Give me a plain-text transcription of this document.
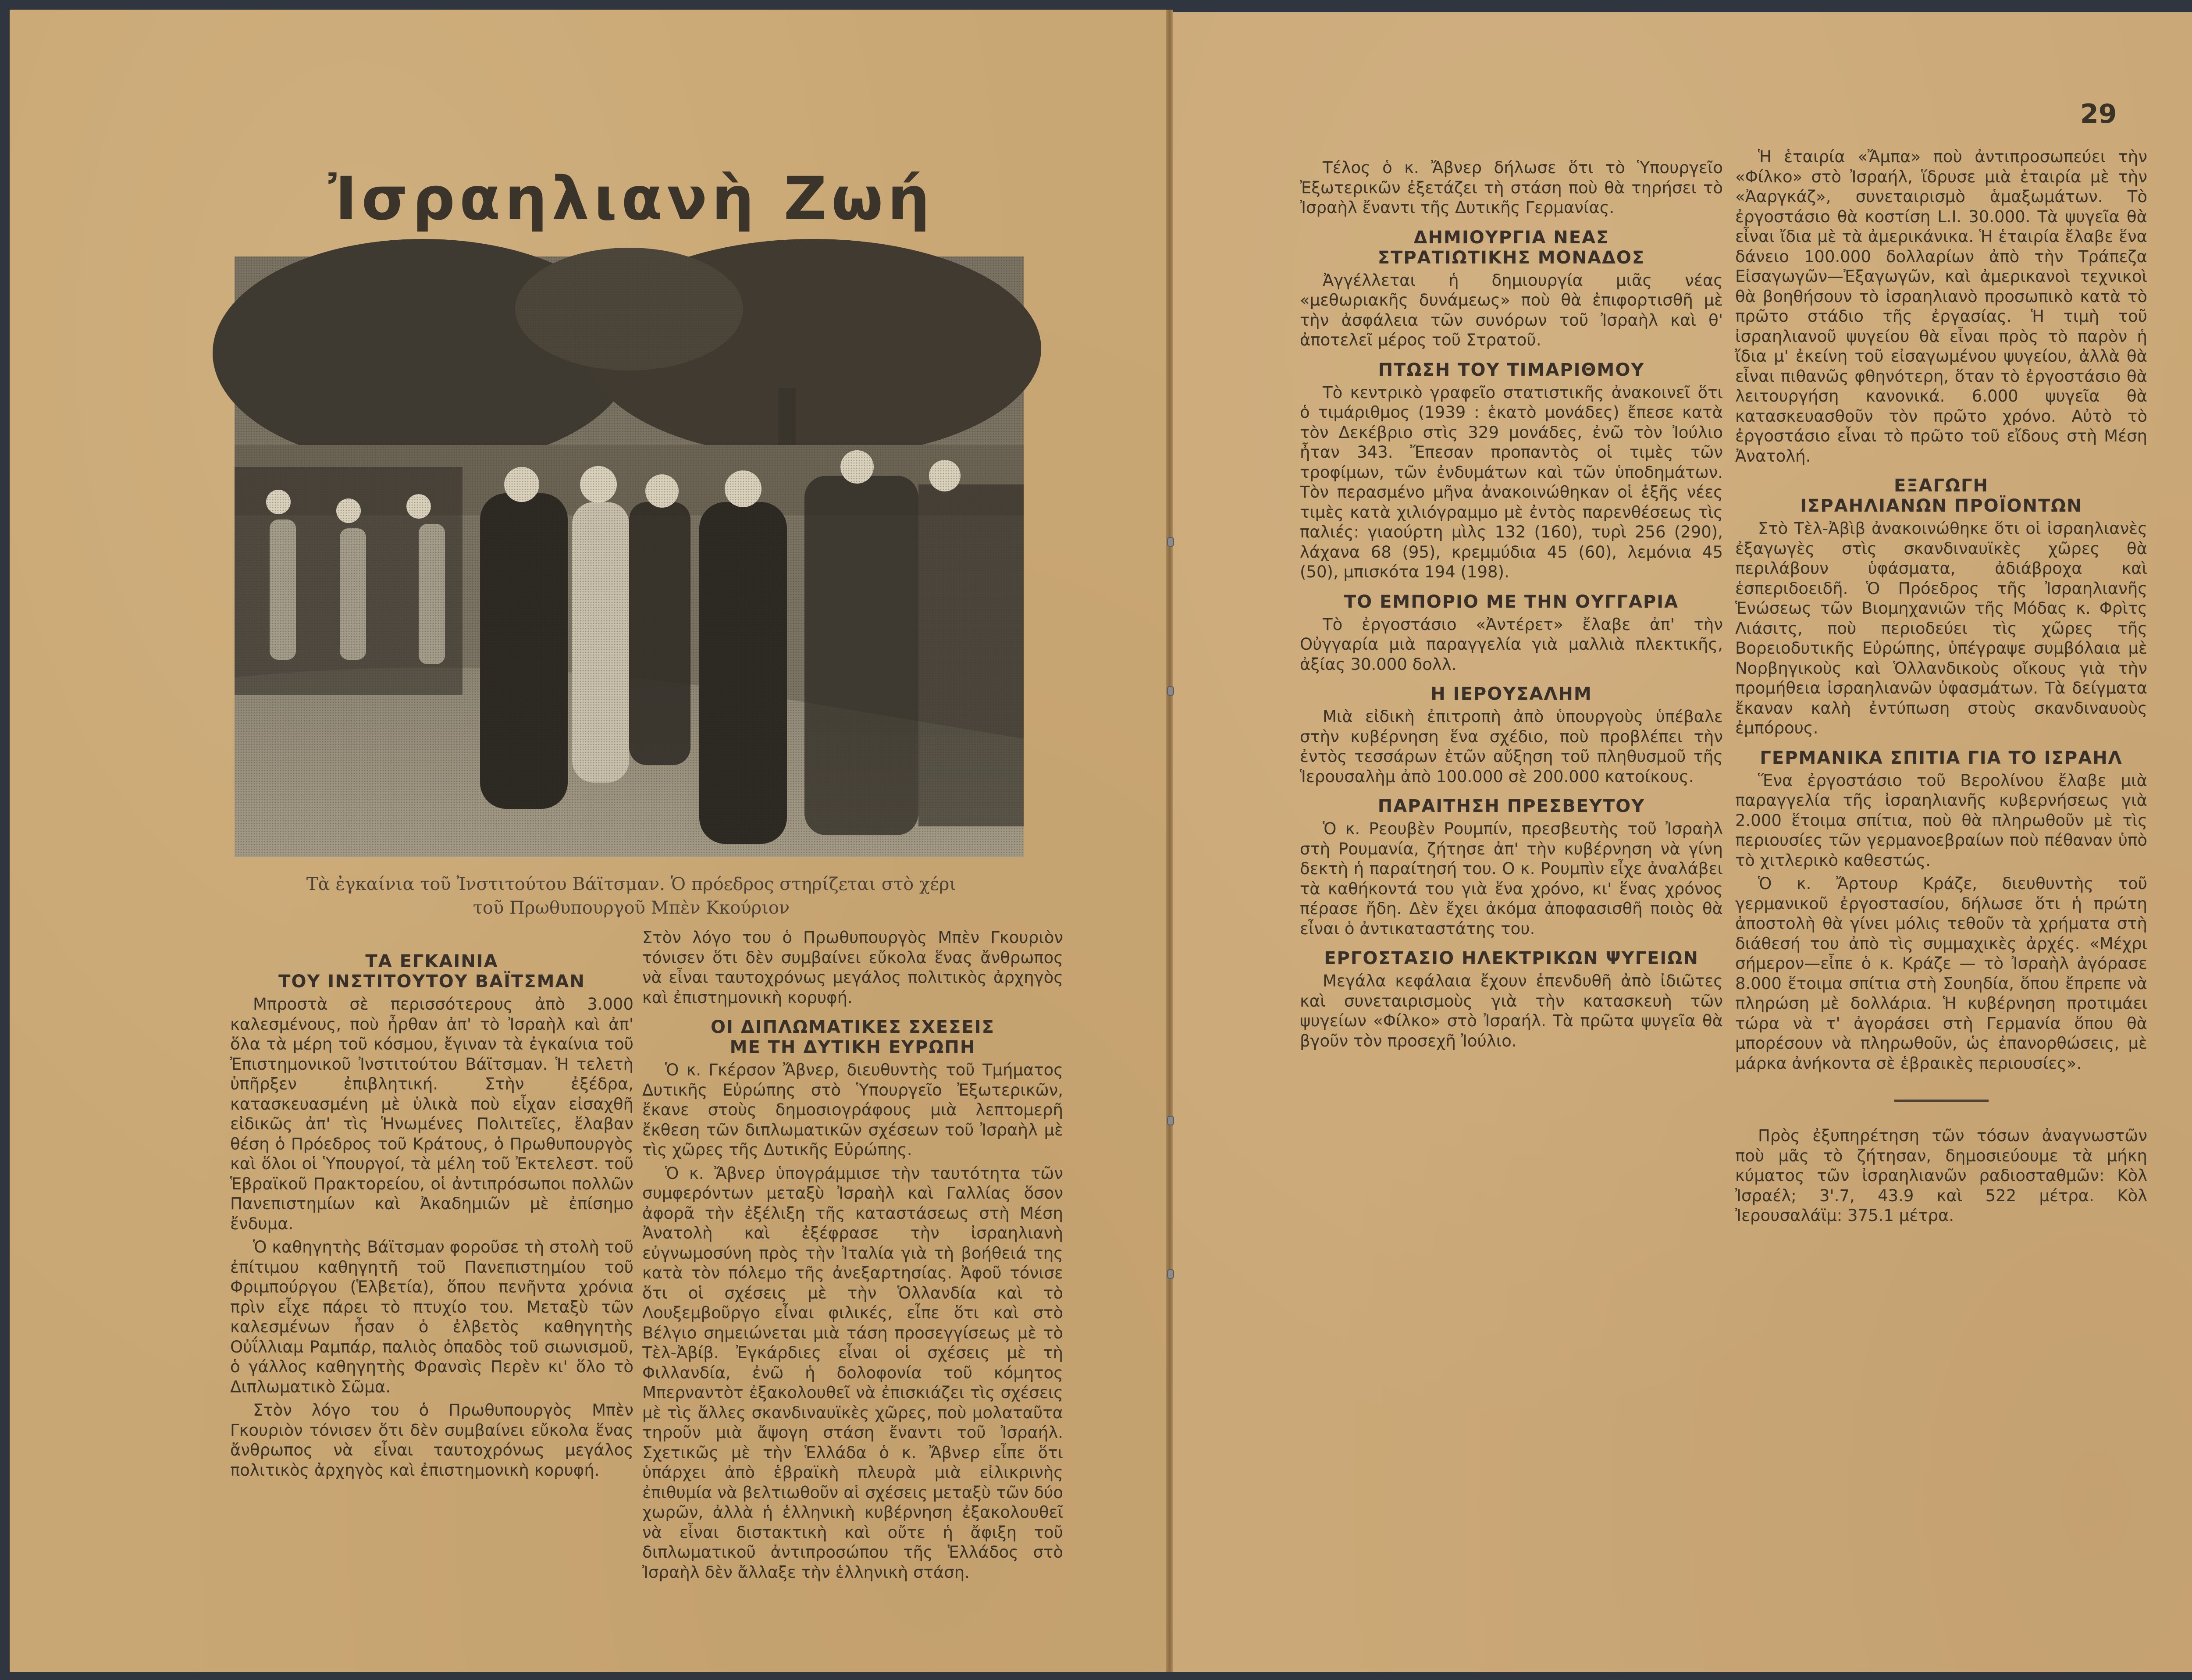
Ἰσραηλιανὴ Ζωή
Τὰ ἐγκαίνια τοῦ Ἰνστιτούτου Βάϊτσμαν. Ὁ πρόεδρος στηρίζεται στὸ χέρι
τοῦ Πρωθυπουργοῦ Μπὲν Κκούριον
ΤΑ ΕΓΚΑΙΝΙΑ
ΤΟΥ ΙΝΣΤΙΤΟΥΤΟΥ ΒΑΪΤΣΜΑΝ

Μπροστὰ σὲ περισσότερους ἀπὸ 3.000 καλεσμένους, ποὺ ἦρθαν ἀπ' τὸ Ἰσραὴλ καὶ ἀπ' ὅλα τὰ μέρη τοῦ κόσμου, ἔγιναν τὰ ἐγκαίνια τοῦ Ἐπιστημονικοῦ Ἰνστιτούτου Βάϊτσμαν. Ἡ τελετὴ ὑπῆρξεν ἐπιβλητική. Στὴν ἐξέδρα, κατασκευασμένη μὲ ὑλικὰ ποὺ εἶχαν εἰσαχθῆ εἰδικῶς ἀπ' τὶς Ἡνωμένες Πολιτεῖες, ἔλαβαν θέση ὁ Πρόεδρος τοῦ Κράτους, ὁ Πρωθυπουργὸς καὶ ὅλοι οἱ Ὑπουργοί, τὰ μέλη τοῦ Ἐκτελεστ. τοῦ Ἑβραϊκοῦ Πρακτορείου, οἱ ἀντιπρόσωποι πολλῶν Πανεπιστημίων καὶ Ἀκαδημιῶν μὲ ἐπίσημο ἔνδυμα.

Ὁ καθηγητὴς Βάϊτσμαν φοροῦσε τὴ στολὴ τοῦ ἐπίτιμου καθηγητῆ τοῦ Πανεπιστημίου τοῦ Φριμπούργου (Ἑλβετία), ὅπου πενῆντα χρόνια πρὶν εἶχε πάρει τὸ πτυχίο του. Μεταξὺ τῶν καλεσμένων ἦσαν ὁ ἐλβετὸς καθηγητὴς Οὐΐλλιαμ Ραμπάρ, παλιὸς ὀπαδὸς τοῦ σιωνισμοῦ, ὁ γάλλος καθηγητὴς Φρανσὶς Περὲν κι' ὅλο τὸ Διπλωματικὸ Σῶμα.

Στὸν λόγο του ὁ Πρωθυπουργὸς Μπὲν Γκουριὸν τόνισεν ὅτι δὲν συμβαίνει εὔκολα ἕνας ἄνθρωπος νὰ εἶναι ταυτοχρόνως μεγάλος πολιτικὸς ἀρχηγὸς καὶ ἐπιστημονικὴ κορυφή.

Στὸν λόγο του ὁ Πρωθυπουργὸς Μπὲν Γκουριὸν τόνισεν ὅτι δὲν συμβαίνει εὔκολα ἕνας ἄνθρωπος νὰ εἶναι ταυτοχρόνως μεγάλος πολιτικὸς ἀρχηγὸς καὶ ἐπιστημονικὴ κορυφή.

ΟΙ ΔΙΠΛΩΜΑΤΙΚΕΣ ΣΧΕΣΕΙΣ
ΜΕ ΤΗ ΔΥΤΙΚΗ ΕΥΡΩΠΗ

Ὁ κ. Γκέρσον Ἄβνερ, διευθυντὴς τοῦ Τμήματος Δυτικῆς Εὐρώπης στὸ Ὑπουργεῖο Ἐξωτερικῶν, ἔκανε στοὺς δημοσιογράφους μιὰ λεπτομερῆ ἔκθεση τῶν διπλωματικῶν σχέσεων τοῦ Ἰσραὴλ μὲ τὶς χῶρες τῆς Δυτικῆς Εὐρώπης.

Ὁ κ. Ἄβνερ ὑπογράμμισε τὴν ταυτότητα τῶν συμφερόντων μεταξὺ Ἰσραὴλ καὶ Γαλλίας ὅσον ἀφορᾶ τὴν ἐξέλιξη τῆς καταστάσεως στὴ Μέση Ἀνατολὴ καὶ ἐξέφρασε τὴν ἰσραηλιανὴ εὐγνωμοσύνη πρὸς τὴν Ἰταλία γιὰ τὴ βοήθειά της κατὰ τὸν πόλεμο τῆς ἀνεξαρτησίας. Ἀφοῦ τόνισε ὅτι οἱ σχέσεις μὲ τὴν Ὁλλανδία καὶ τὸ Λουξεμβοῦργο εἶναι φιλικές, εἶπε ὅτι καὶ στὸ Βέλγιο σημειώνεται μιὰ τάση προσεγγίσεως μὲ τὸ Τὲλ-Ἀβίβ. Ἐγκάρδιες εἶναι οἱ σχέσεις μὲ τὴ Φιλλανδία, ἐνῶ ἡ δολοφονία τοῦ κόμητος Μπερναντὸτ ἐξακολουθεῖ νὰ ἐπισκιάζει τὶς σχέσεις μὲ τὶς ἄλλες σκανδιναυϊκὲς χῶρες, ποὺ μολαταῦτα τηροῦν μιὰ ἄψογη στάση ἔναντι τοῦ Ἰσραήλ. Σχετικῶς μὲ τὴν Ἑλλάδα ὁ κ. Ἄβνερ εἶπε ὅτι ὑπάρχει ἀπὸ ἑβραϊκὴ πλευρὰ μιὰ εἰλικρινὴς ἐπιθυμία νὰ βελτιωθοῦν αἱ σχέσεις μεταξὺ τῶν δύο χωρῶν, ἀλλὰ ἡ ἑλληνικὴ κυβέρνηση ἐξακολουθεῖ νὰ εἶναι διστακτικὴ καὶ οὔτε ἡ ἄφιξη τοῦ διπλωματικοῦ ἀντιπροσώπου τῆς Ἑλλάδος στὸ Ἰσραὴλ δὲν ἄλλαξε τὴν ἑλληνικὴ στάση.

Τέλος ὁ κ. Ἄβνερ δήλωσε ὅτι τὸ Ὑπουργεῖο Ἐξωτερικῶν ἐξετάζει τὴ στάση ποὺ θὰ τηρήσει τὸ Ἰσραὴλ ἔναντι τῆς Δυτικῆς Γερμανίας.

ΔΗΜΙΟΥΡΓΙΑ ΝΕΑΣ
ΣΤΡΑΤΙΩΤΙΚΗΣ ΜΟΝΑΔΟΣ

Ἀγγέλλεται ἡ δημιουργία μιᾶς νέας «μεθωριακῆς δυνάμεως» ποὺ θὰ ἐπιφορτισθῆ μὲ τὴν ἀσφάλεια τῶν συνόρων τοῦ Ἰσραὴλ καὶ θ' ἀποτελεῖ μέρος τοῦ Στρατοῦ.

ΠΤΩΣΗ ΤΟΥ ΤΙΜΑΡΙΘΜΟΥ

Τὸ κεντρικὸ γραφεῖο στατιστικῆς ἀνακοινεῖ ὅτι ὁ τιμάριθμος (1939 : ἑκατὸ μονάδες) ἔπεσε κατὰ τὸν Δεκέβριο στὶς 329 μονάδες, ἐνῶ τὸν Ἰούλιο ἦταν 343. Ἔπεσαν προπαντὸς οἱ τιμὲς τῶν τροφίμων, τῶν ἐνδυμάτων καὶ τῶν ὑποδημάτων. Τὸν περασμένο μῆνα ἀνακοινώθηκαν οἱ ἑξῆς νέες τιμὲς κατὰ χιλιόγραμμο μὲ ἐντὸς παρενθέσεως τὶς παλιές: γιαούρτη μὶλς 132 (160), τυρὶ 256 (290), λάχανα 68 (95), κρεμμύδια 45 (60), λεμόνια 45 (50), μπισκότα 194 (198).

ΤΟ ΕΜΠΟΡΙΟ ΜΕ ΤΗΝ ΟΥΓΓΑΡΙΑ

Τὸ ἐργοστάσιο «Ἀντέρετ» ἔλαβε ἀπ' τὴν Οὐγγαρία μιὰ παραγγελία γιὰ μαλλιὰ πλεκτικῆς, ἀξίας 30.000 δολλ.

Η ΙΕΡΟΥΣΑΛΗΜ

Μιὰ εἰδικὴ ἐπιτροπὴ ἀπὸ ὑπουργοὺς ὑπέβαλε στὴν κυβέρνηση ἕνα σχέδιο, ποὺ προβλέπει τὴν ἐντὸς τεσσάρων ἐτῶν αὔξηση τοῦ πληθυσμοῦ τῆς Ἱερουσαλὴμ ἀπὸ 100.000 σὲ 200.000 κατοίκους.

ΠΑΡΑΙΤΗΣΗ ΠΡΕΣΒΕΥΤΟΥ

Ὁ κ. Ρεουβὲν Ρουμπίν, πρεσβευτὴς τοῦ Ἰσραὴλ στὴ Ρουμανία, ζήτησε ἀπ' τὴν κυβέρνηση νὰ γίνη δεκτὴ ἡ παραίτησή του. Ο κ. Ρουμπὶν εἶχε ἀναλάβει τὰ καθήκοντά του γιὰ ἕνα χρόνο, κι' ἕνας χρόνος πέρασε ἤδη. Δὲν ἔχει ἀκόμα ἀποφασισθῆ ποιὸς θὰ εἶναι ὁ ἀντικαταστάτης του.

ΕΡΓΟΣΤΑΣΙΟ ΗΛΕΚΤΡΙΚΩΝ ΨΥΓΕΙΩΝ

Μεγάλα κεφάλαια ἔχουν ἐπενδυθῆ ἀπὸ ἰδιῶτες καὶ συνεταιρισμοὺς γιὰ τὴν κατασκευὴ τῶν ψυγείων «Φίλκο» στὸ Ἰσραήλ. Τὰ πρῶτα ψυγεῖα θὰ βγοῦν τὸν προσεχῆ Ἰούλιο.

29

Ἡ ἑταιρία «Ἄμπα» ποὺ ἀντιπροσωπεύει τὴν «Φίλκο» στὸ Ἰσραήλ, ἵδρυσε μιὰ ἑταιρία μὲ τὴν «Ἀαργκάζ», συνεταιρισμὸ ἁμαξωμάτων. Τὸ ἐργοστάσιο θὰ κοστίση L.I. 30.000. Τὰ ψυγεῖα θὰ εἶναι ἴδια μὲ τὰ ἀμερικάνικα. Ἡ ἑταιρία ἔλαβε ἕνα δάνειο 100.000 δολλαρίων ἀπὸ τὴν Τράπεζα Εἰσαγωγῶν—Ἐξαγωγῶν, καὶ ἀμερικανοὶ τεχνικοὶ θὰ βοηθήσουν τὸ ἰσραηλιανὸ προσωπικὸ κατὰ τὸ πρῶτο στάδιο τῆς ἐργασίας. Ἡ τιμὴ τοῦ ἰσραηλιανοῦ ψυγείου θὰ εἶναι πρὸς τὸ παρὸν ἡ ἴδια μ' ἐκείνη τοῦ εἰσαγωμένου ψυγείου, ἀλλὰ θὰ εἶναι πιθανῶς φθηνότερη, ὅταν τὸ ἐργοστάσιο θὰ λειτουργήση κανονικά. 6.000 ψυγεῖα θὰ κατασκευασθοῦν τὸν πρῶτο χρόνο. Αὐτὸ τὸ ἐργοστάσιο εἶναι τὸ πρῶτο τοῦ εἴδους στὴ Μέση Ἀνατολή.

ΕΞΑΓΩΓΗ
ΙΣΡΑΗΛΙΑΝΩΝ ΠΡΟΪΟΝΤΩΝ

Στὸ Τὲλ-Ἀβὶβ ἀνακοινώθηκε ὅτι οἱ ἰσραηλιανὲς ἐξαγωγὲς στὶς σκανδιναυϊκὲς χῶρες θὰ περιλάβουν ὑφάσματα, ἀδιάβροχα καὶ ἑσπεριδοειδῆ. Ὁ Πρόεδρος τῆς Ἰσραηλιανῆς Ἑνώσεως τῶν Βιομηχανιῶν τῆς Μόδας κ. Φρὶτς Λιάσιτς, ποὺ περιοδεύει τὶς χῶρες τῆς Βορειοδυτικῆς Εὐρώπης, ὑπέγραψε συμβόλαια μὲ Νορβηγικοὺς καὶ Ὁλλανδικοὺς οἴκους γιὰ τὴν προμήθεια ἰσραηλιανῶν ὑφασμάτων. Τὰ δείγματα ἔκαναν καλὴ ἐντύπωση στοὺς σκανδιναυοὺς ἐμπόρους.

ΓΕΡΜΑΝΙΚΑ ΣΠΙΤΙΑ ΓΙΑ ΤΟ ΙΣΡΑΗΛ

Ἕνα ἐργοστάσιο τοῦ Βερολίνου ἔλαβε μιὰ παραγγελία τῆς ἰσραηλιανῆς κυβερνήσεως γιὰ 2.000 ἕτοιμα σπίτια, ποὺ θὰ πληρωθοῦν μὲ τὶς περιουσίες τῶν γερμανοεβραίων ποὺ πέθαναν ὑπὸ τὸ χιτλερικὸ καθεστώς.

Ὁ κ. Ἄρτουρ Κράζε, διευθυντὴς τοῦ γερμανικοῦ ἐργοστασίου, δήλωσε ὅτι ἡ πρώτη ἀποστολὴ θὰ γίνει μόλις τεθοῦν τὰ χρήματα στὴ διάθεσή του ἀπὸ τὶς συμμαχικὲς ἀρχές. «Μέχρι σήμερον—εἶπε ὁ κ. Κράζε — τὸ Ἰσραὴλ ἀγόρασε 8.000 ἕτοιμα σπίτια στὴ Σουηδία, ὅπου ἔπρεπε νὰ πληρώση μὲ δολλάρια. Ἡ κυβέρνηση προτιμάει τώρα νὰ τ' ἀγοράσει στὴ Γερμανία ὅπου θὰ μπορέσουν νὰ πληρωθοῦν, ὡς ἐπανορθώσεις, μὲ μάρκα ἀνήκοντα σὲ ἑβραικὲς περιουσίες».

Πρὸς ἐξυπηρέτηση τῶν τόσων ἀναγνωστῶν ποὺ μᾶς τὸ ζήτησαν, δημοσιεύουμε τὰ μήκη κύματος τῶν ἰσραηλιανῶν ραδιοσταθμῶν: Κὸλ Ἰσραέλ; 3'.7, 43.9 καὶ 522 μέτρα. Κὸλ Ἰερουσαλάϊμ: 375.1 μέτρα.
